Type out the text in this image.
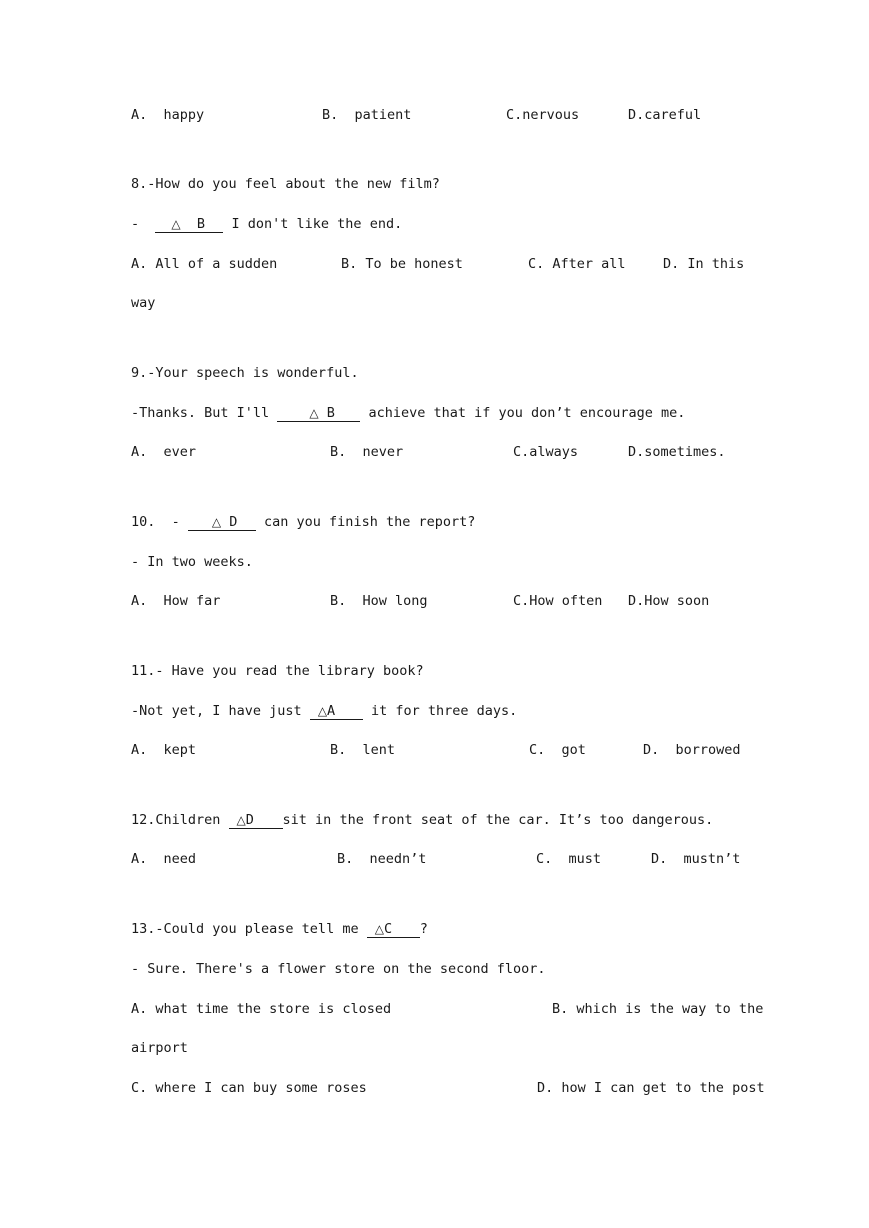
A.  happy

	B.  patient

	C.nervous

	D.careful

8.-How do you feel about the new film?
-  △ B I don't like the end.

A. All of a sudden

	B. To be honest

	C. After all

	D. In this

way
9.-Your speech is wonderful.
-Thanks. But I'll	△ B achieve that if you don’t encourage me.

A.  ever

	B.  never

	C.always

	D.sometimes.

10.  - △ D can you finish the report?
- In two weeks.

A.  How far

	B.  How long

	C.How often

D.How soon

11.- Have you read the library book?
-Not yet, I have just △A it for three days.

A.  kept

	B.  lent

	C.  got

	D.  borrowed

12.Children △D sit in the front seat of the car. It’s too dangerous.

A.  need

	B.  needn’t

	C.  must

	D.  mustn’t

13.-Could you please tell me △C ?
- Sure. There's a flower store on the second floor.

A. what time the store is closed

	B. which is the way to the

airport

C. where I can buy some roses

	D. how I can get to the post
